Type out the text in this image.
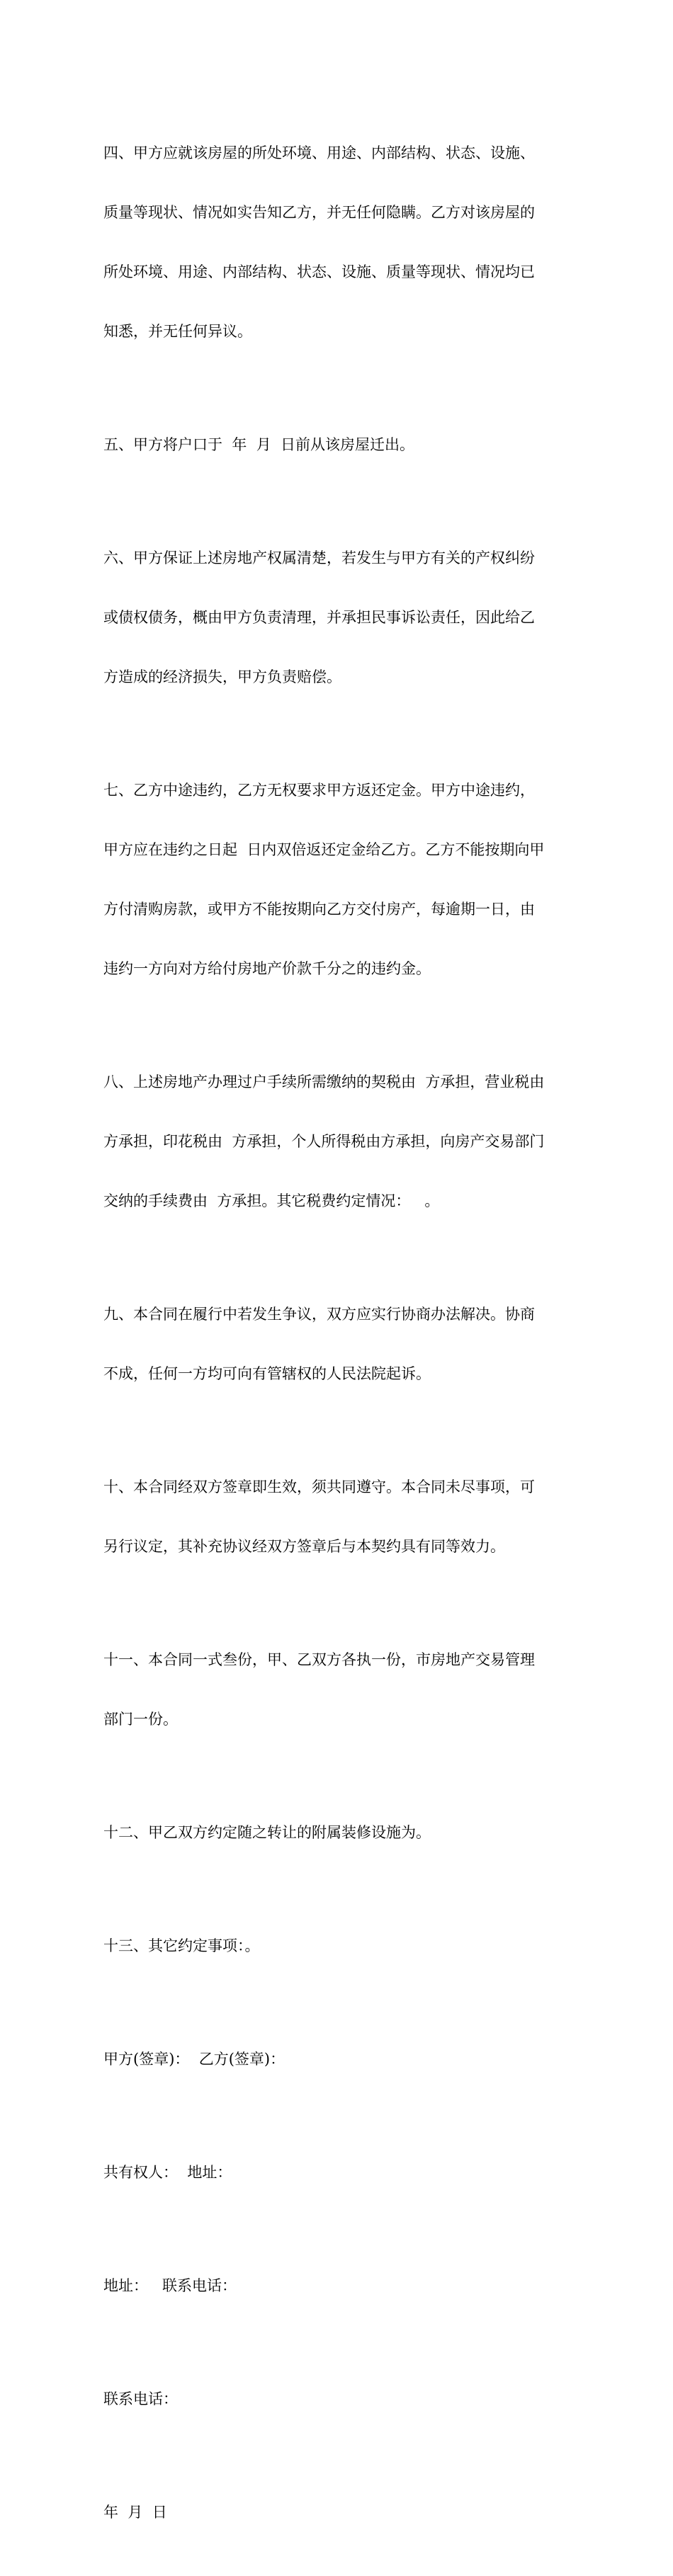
四、甲方应就该房屋的所处环境、用途、内部结构、状态、设施、

质量等现状、情况如实告知乙方，并无任何隐瞒。乙方对该房屋的

所处环境、用途、内部结构、状态、设施、质量等现状、情况均已

知悉，并无任何异议。

五、甲方将户口于  年  月  日前从该房屋迁出。

六、甲方保证上述房地产权属清楚，若发生与甲方有关的产权纠纷

或债权债务，概由甲方负责清理，并承担民事诉讼责任，因此给乙

方造成的经济损失，甲方负责赔偿。

七、乙方中途违约，乙方无权要求甲方返还定金。甲方中途违约，

甲方应在违约之日起  日内双倍返还定金给乙方。乙方不能按期向甲

方付清购房款，或甲方不能按期向乙方交付房产，每逾期一日，由

违约一方向对方给付房地产价款千分之的违约金。

八、上述房地产办理过户手续所需缴纳的契税由  方承担，营业税由

方承担，印花税由  方承担，个人所得税由方承担，向房产交易部门

交纳的手续费由  方承担。其它税费约定情况：   。

九、本合同在履行中若发生争议，双方应实行协商办法解决。协商

不成，任何一方均可向有管辖权的人民法院起诉。

十、本合同经双方签章即生效，须共同遵守。本合同未尽事项，可

另行议定，其补充协议经双方签章后与本契约具有同等效力。

十一、本合同一式叁份，甲、乙双方各执一份，市房地产交易管理

部门一份。

十二、甲乙双方约定随之转让的附属装修设施为。

十三、其它约定事项：。

甲方(签章)：  乙方(签章)：

共有权人：  地址：

地址：   联系电话：

联系电话：

年  月  日
